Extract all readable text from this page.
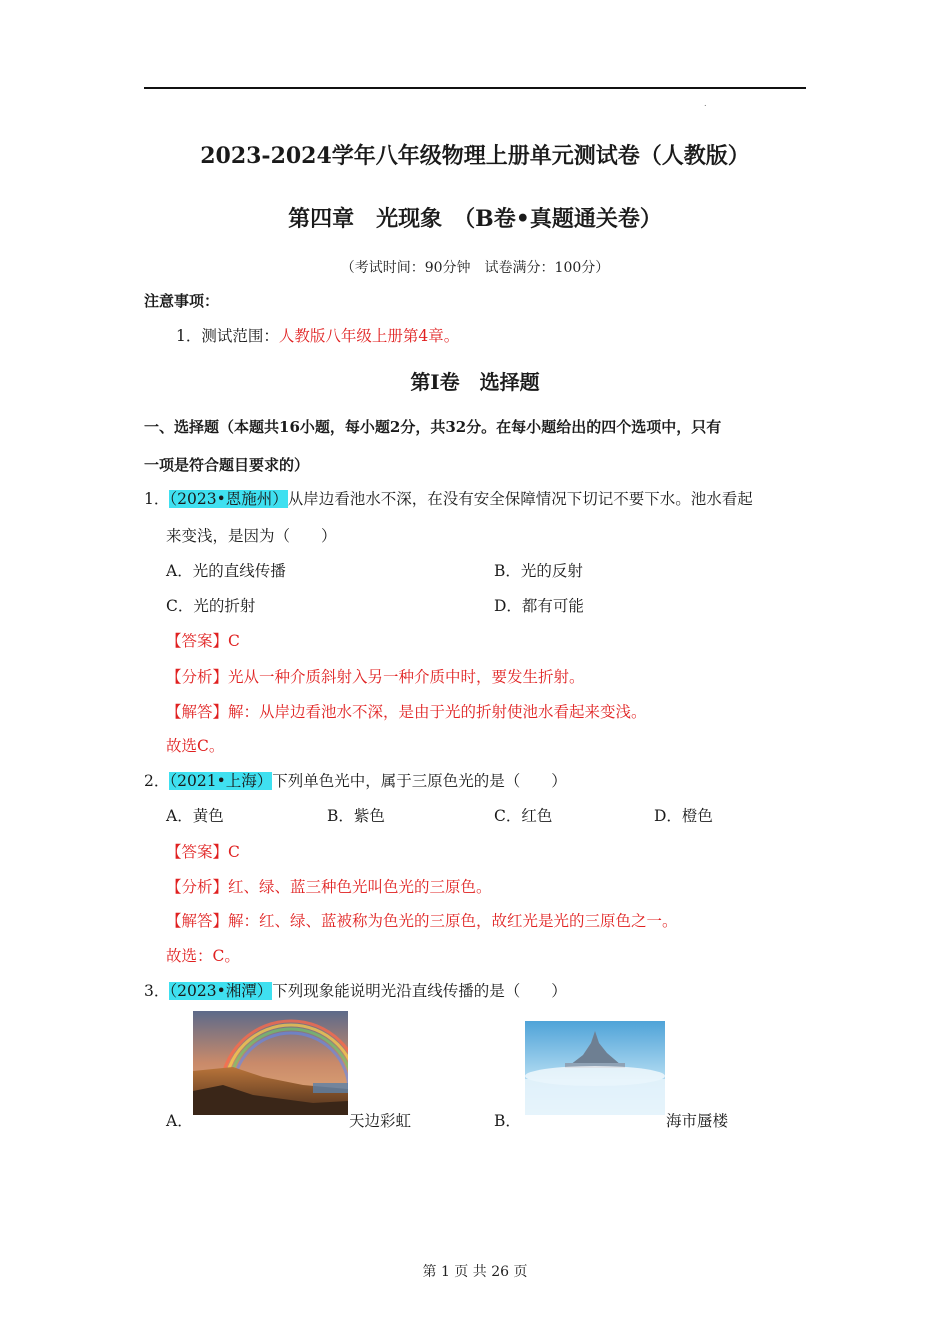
.
2023-2024学年八年级物理上册单元测试卷（人教版）
第四章　光现象　（B卷•真题通关卷）
（考试时间：90分钟　试卷满分：100分）
注意事项：
1．测试范围：人教版八年级上册第4章。
第Ⅰ卷　选择题
一、选择题（本题共16小题，每小题2分，共32分。在每小题给出的四个选项中，只有
一项是符合题目要求的）
1．（2023•恩施州）从岸边看池水不深，在没有安全保障情况下切记不要下水。池水看起
来变浅，是因为（　　）
A．光的直线传播	B．光的反射
C．光的折射	D．都有可能
【答案】C
【分析】光从一种介质斜射入另一种介质中时，要发生折射。
【解答】解：从岸边看池水不深，是由于光的折射使池水看起来变浅。
故选C。
2．（2021•上海）下列单色光中，属于三原色光的是（　　）
A．黄色	B．紫色	C．红色	D．橙色
【答案】C
【分析】红、绿、蓝三种色光叫色光的三原色。
【解答】解：红、绿、蓝被称为色光的三原色，故红光是光的三原色之一。
故选：C。
3．（2023•湘潭）下列现象能说明光沿直线传播的是（　　）
A．	天边彩虹	B．	海市蜃楼
第 1 页 共 26 页
